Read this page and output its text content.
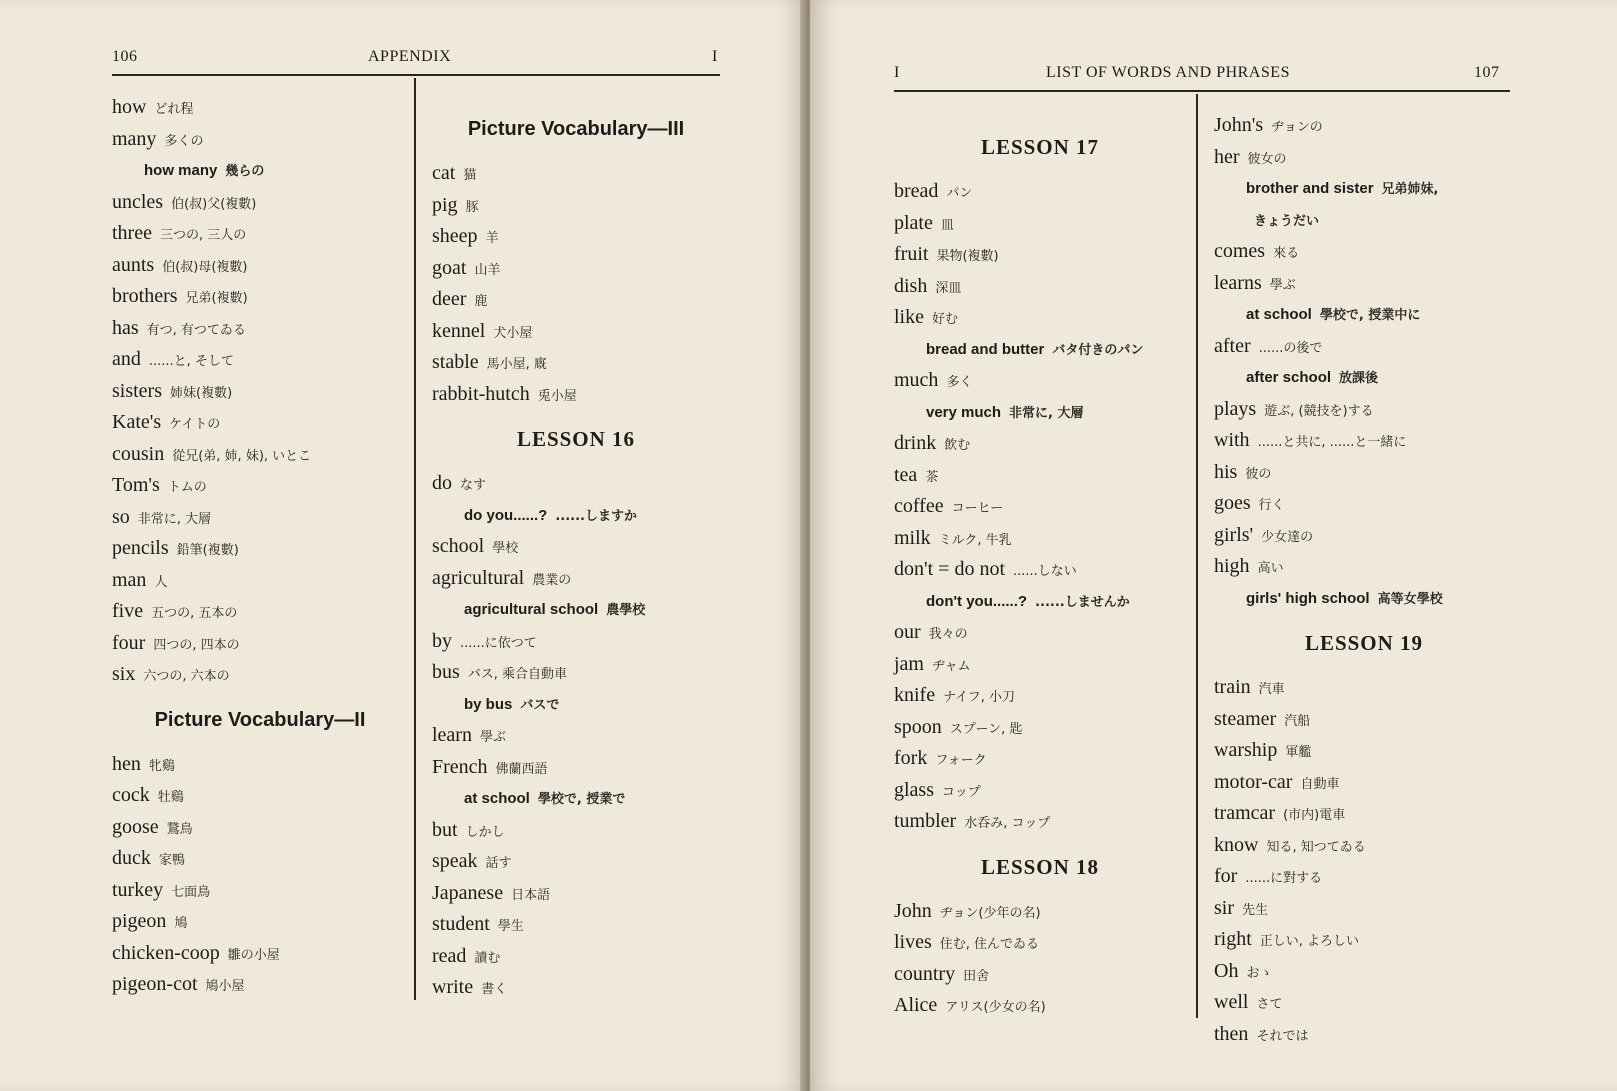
106	APPENDIX	I
how どれ程
many 多くの
how many 幾らの
uncles 伯(叔)父(複數)
three 三つの, 三人の
aunts 伯(叔)母(複數)
brothers 兄弟(複數)
has 有つ, 有つてゐる
and ......と, そして
sisters 姉妹(複數)
Kate's ケイトの
cousin 從兄(弟, 姉, 妹), いとこ
Tom's トムの
so 非常に, 大層
pencils 鉛筆(複數)
man 人
five 五つの, 五本の
four 四つの, 四本の
six 六つの, 六本の
Picture Vocabulary—II
hen 牝鷄
cock 牡鷄
goose 鵞鳥
duck 家鴨
turkey 七面鳥
pigeon 鳩
chicken-coop 雛の小屋
pigeon-cot 鳩小屋
Picture Vocabulary—III
cat 猫
pig 豚
sheep 羊
goat 山羊
deer 鹿
kennel 犬小屋
stable 馬小屋, 廐
rabbit-hutch 兎小屋
LESSON 16
do なす
do you......? ......しますか
school 學校
agricultural 農業の
agricultural school 農學校
by ......に依つて
bus バス, 乘合自動車
by bus バスで
learn 學ぶ
French 佛蘭西語
at school 學校で, 授業で
but しかし
speak 話す
Japanese 日本語
student 學生
read 讀む
write 書く
I	LIST OF WORDS AND PHRASES	107
LESSON 17
bread パン
plate 皿
fruit 果物(複數)
dish 深皿
like 好む
bread and butter バタ付きのパン
much 多く
very much 非常に, 大層
drink 飲む
tea 茶
coffee コーヒー
milk ミルク, 牛乳
don't = do not ......しない
don't you......? ......しませんか
our 我々の
jam ヂャム
knife ナイフ, 小刀
spoon スプーン, 匙
fork フォーク
glass コップ
tumbler 水呑み, コップ
LESSON 18
John ヂョン(少年の名)
lives 住む, 住んでゐる
country 田舍
Alice アリス(少女の名)
John's ヂョンの
her 彼女の
brother and sister 兄弟姉妹,
きょうだい
comes 來る
learns 學ぶ
at school 學校で, 授業中に
after ......の後で
after school 放課後
plays 遊ぶ, (競技を)する
with ......と共に, ......と一緒に
his 彼の
goes 行く
girls' 少女達の
high 高い
girls' high school 高等女學校
LESSON 19
train 汽車
steamer 汽船
warship 軍艦
motor-car 自動車
tramcar (市内)電車
know 知る, 知つてゐる
for ......に對する
sir 先生
right 正しい, よろしい
Oh おゝ
well さて
then それでは
